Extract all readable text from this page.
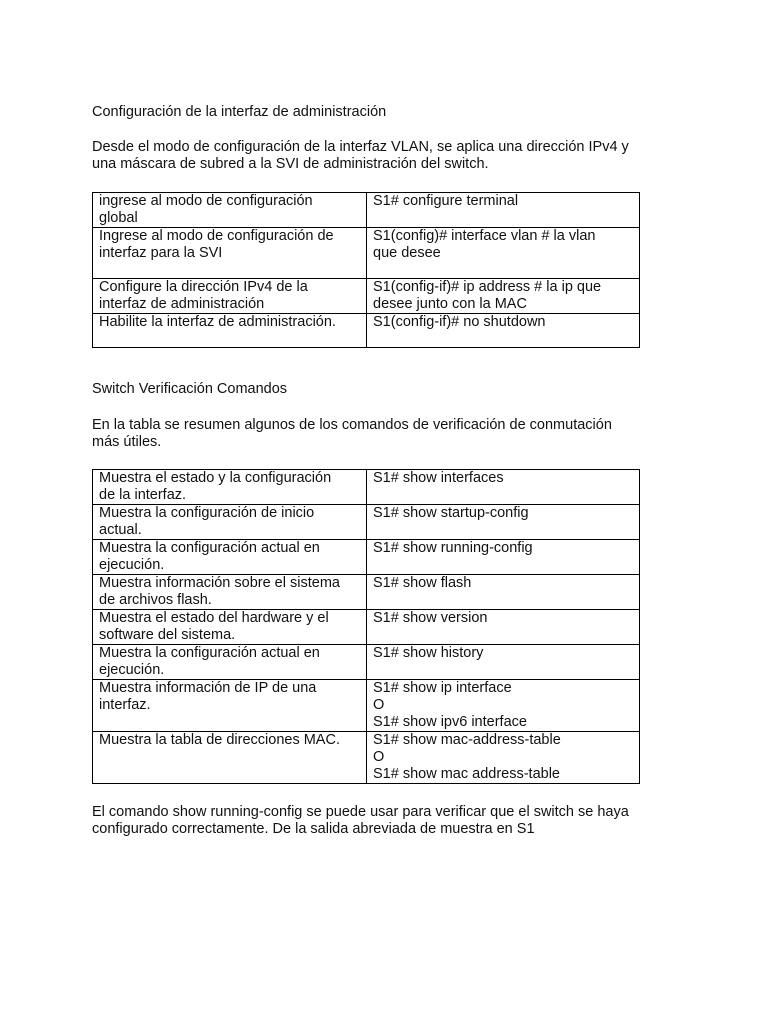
Configuración de la interfaz de administración
Desde el modo de configuración de la interfaz VLAN, se aplica una dirección IPv4 y
una máscara de subred a la SVI de administración del switch.
ingrese al modo de configuración
global	S1# configure terminal

Ingrese al modo de configuración de
interfaz para la SVI	S1(config)# interface vlan # la vlan
que desee

Configure la dirección IPv4 de la
interfaz de administración	S1(config-if)# ip address # la ip que
desee junto con la MAC

Habilite la interfaz de administración.	S1(config-if)# no shutdown
Switch Verificación Comandos
En la tabla se resumen algunos de los comandos de verificación de conmutación
más útiles.
Muestra el estado y la configuración
de la interfaz.	S1# show interfaces

Muestra la configuración de inicio
actual.	S1# show startup-config

Muestra la configuración actual en
ejecución.	S1# show running-config

Muestra información sobre el sistema
de archivos flash.	S1# show flash

Muestra el estado del hardware y el
software del sistema.	S1# show version

Muestra la configuración actual en
ejecución.	S1# show history

Muestra información de IP de una
interfaz.	S1# show ip interface
O
S1# show ipv6 interface

Muestra la tabla de direcciones MAC.	S1# show mac-address-table
O
S1# show mac address-table
El comando show running-config se puede usar para verificar que el switch se haya
configurado correctamente. De la salida abreviada de muestra en S1
